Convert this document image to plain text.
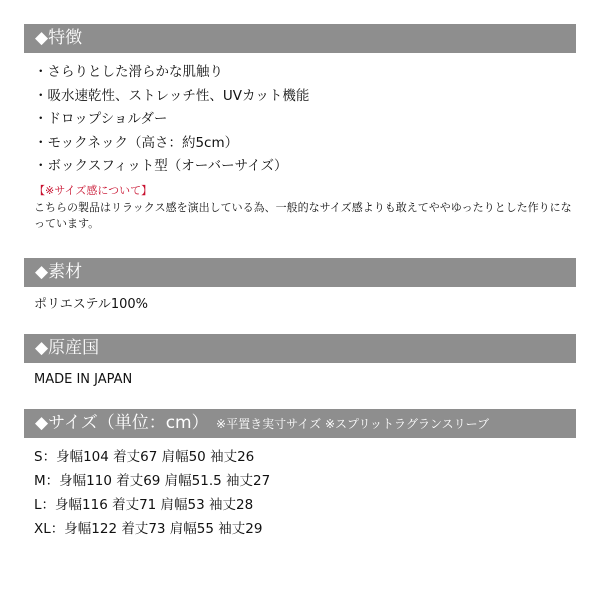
◆特徴
・さらりとした滑らかな肌触り
・吸水速乾性、ストレッチ性、UVカット機能
・ドロップショルダー
・モックネック（高さ：約5cm）
・ボックスフィット型（オーバーサイズ）
【※サイズ感について】
こちらの製品はリラックス感を演出している為、一般的なサイズ感よりも敢えてややゆったりとした作りになっています。
◆素材
ポリエステル100%
◆原産国
MADE IN JAPAN
◆サイズ（単位：cm） ※平置き実寸サイズ ※スプリットラグランスリーブ
S：身幅104 着丈67 肩幅50 袖丈26
M：身幅110 着丈69 肩幅51.5 袖丈27
L：身幅116 着丈71 肩幅53 袖丈28
XL：身幅122 着丈73 肩幅55 袖丈29
